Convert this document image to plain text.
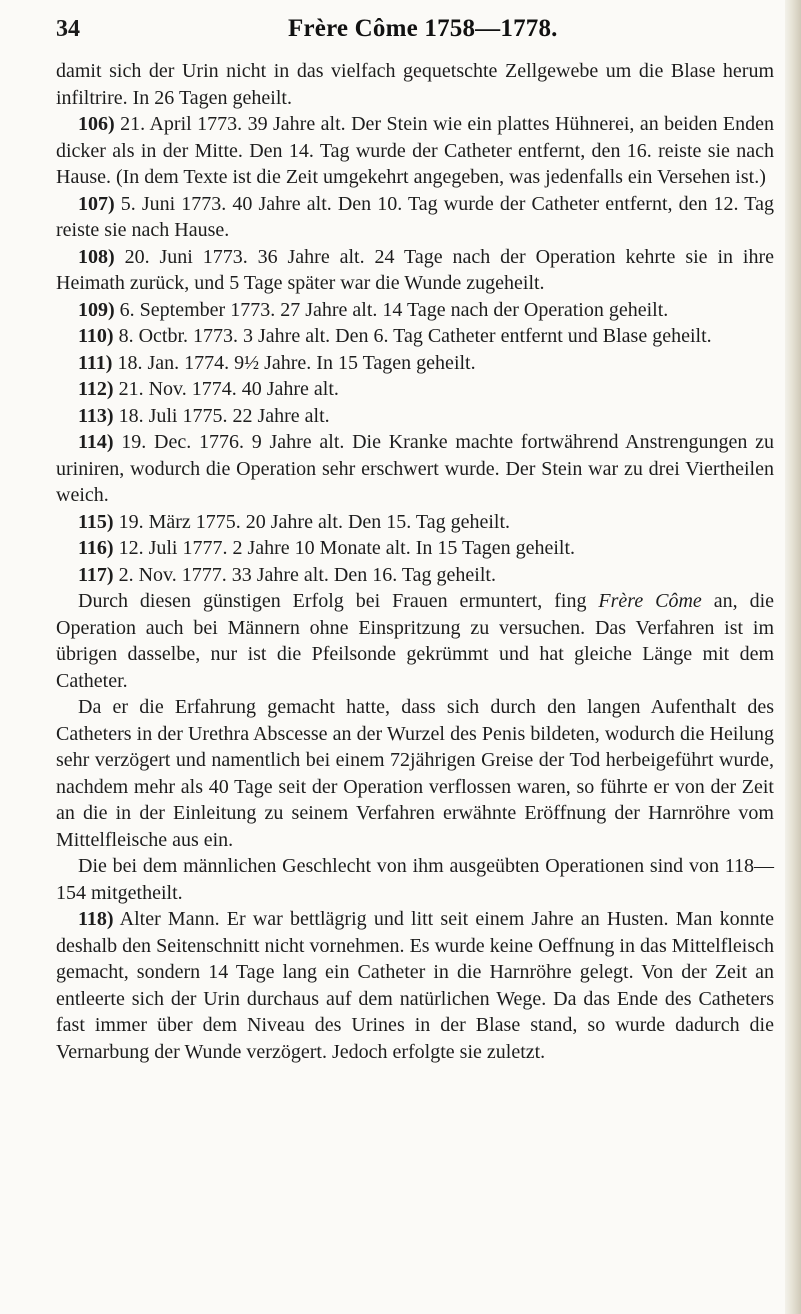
34	Frère Côme 1758—1778.

damit sich der Urin nicht in das vielfach gequetschte Zellgewebe um die Blase herum infiltrire. In 26 Tagen geheilt.

106) 21. April 1773. 39 Jahre alt. Der Stein wie ein plattes Hühnerei, an beiden Enden dicker als in der Mitte. Den 14. Tag wurde der Catheter entfernt, den 16. reiste sie nach Hause. (In dem Texte ist die Zeit umgekehrt angegeben, was jedenfalls ein Versehen ist.)

107) 5. Juni 1773. 40 Jahre alt. Den 10. Tag wurde der Catheter entfernt, den 12. Tag reiste sie nach Hause.

108) 20. Juni 1773. 36 Jahre alt. 24 Tage nach der Operation kehrte sie in ihre Heimath zurück, und 5 Tage später war die Wunde zugeheilt.

109) 6. September 1773. 27 Jahre alt. 14 Tage nach der Operation geheilt.

110) 8. Octbr. 1773. 3 Jahre alt. Den 6. Tag Catheter entfernt und Blase geheilt.

111) 18. Jan. 1774. 9½ Jahre. In 15 Tagen geheilt.

112) 21. Nov. 1774. 40 Jahre alt.

113) 18. Juli 1775. 22 Jahre alt.

114) 19. Dec. 1776. 9 Jahre alt. Die Kranke machte fortwährend Anstrengungen zu uriniren, wodurch die Operation sehr erschwert wurde. Der Stein war zu drei Viertheilen weich.

115) 19. März 1775. 20 Jahre alt. Den 15. Tag geheilt.

116) 12. Juli 1777. 2 Jahre 10 Monate alt. In 15 Tagen geheilt.

117) 2. Nov. 1777. 33 Jahre alt. Den 16. Tag geheilt.

Durch diesen günstigen Erfolg bei Frauen ermuntert, fing Frère Côme an, die Operation auch bei Männern ohne Einspritzung zu versuchen. Das Verfahren ist im übrigen dasselbe, nur ist die Pfeilsonde gekrümmt und hat gleiche Länge mit dem Catheter.

Da er die Erfahrung gemacht hatte, dass sich durch den langen Aufenthalt des Catheters in der Urethra Abscesse an der Wurzel des Penis bildeten, wodurch die Heilung sehr verzögert und namentlich bei einem 72jährigen Greise der Tod herbeigeführt wurde, nachdem mehr als 40 Tage seit der Operation verflossen waren, so führte er von der Zeit an die in der Einleitung zu seinem Verfahren erwähnte Eröffnung der Harnröhre vom Mittelfleische aus ein.

Die bei dem männlichen Geschlecht von ihm ausgeübten Operationen sind von 118—154 mitgetheilt.

118) Alter Mann. Er war bettlägrig und litt seit einem Jahre an Husten. Man konnte deshalb den Seitenschnitt nicht vornehmen. Es wurde keine Oeffnung in das Mittelfleisch gemacht, sondern 14 Tage lang ein Catheter in die Harnröhre gelegt. Von der Zeit an entleerte sich der Urin durchaus auf dem natürlichen Wege. Da das Ende des Catheters fast immer über dem Niveau des Urines in der Blase stand, so wurde dadurch die Vernarbung der Wunde verzögert. Jedoch erfolgte sie zuletzt.
